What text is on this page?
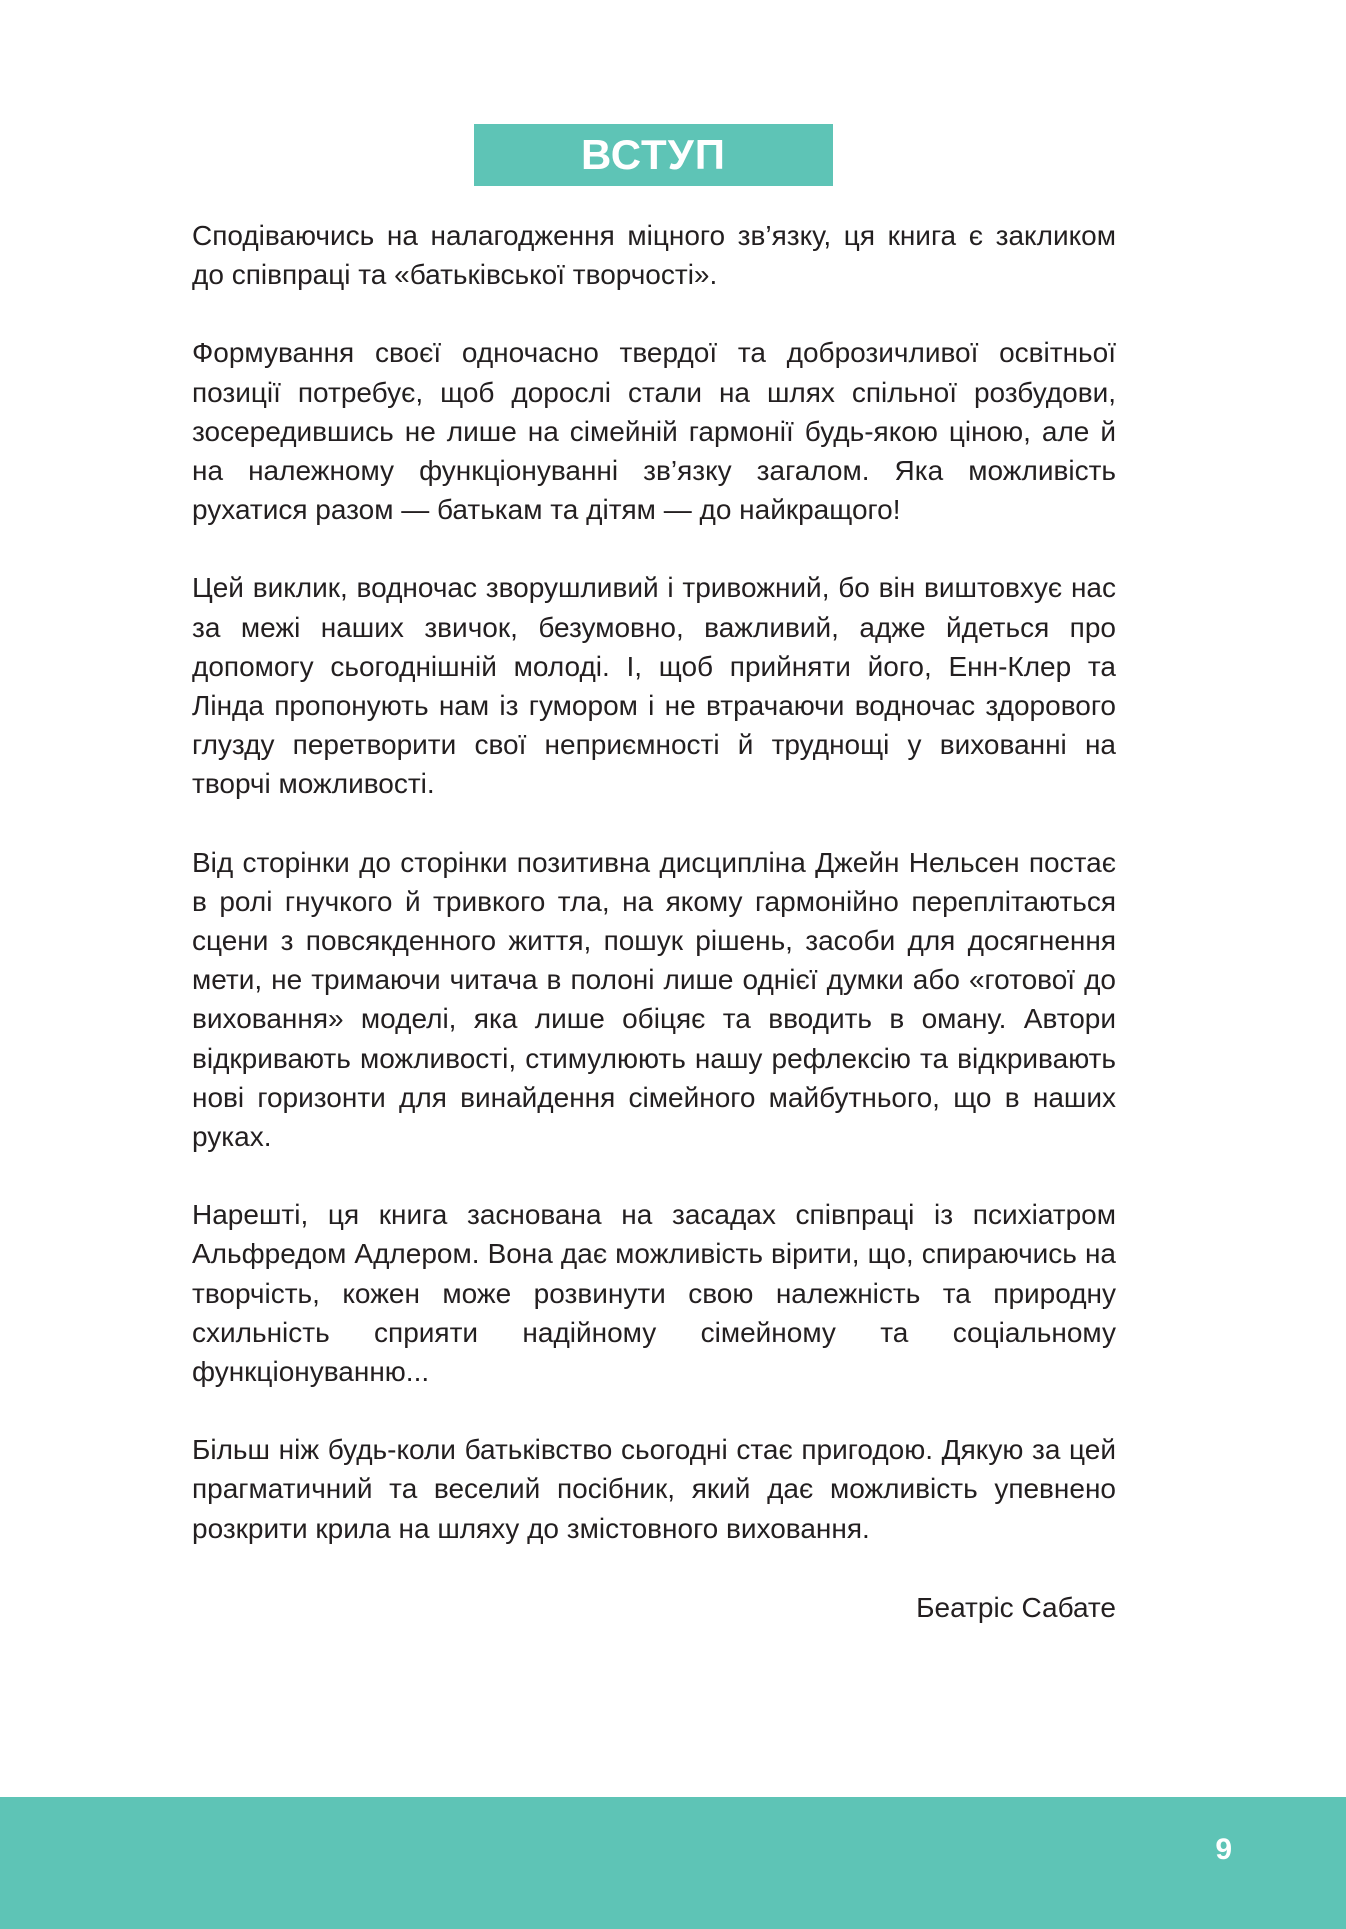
ВСТУП

Сподіваючись на налагодження міцного зв’язку, ця книга є закликом до співпраці та «батьківської творчості».

Формування своєї одночасно твердої та доброзичливої освітньої позиції потребує, щоб дорослі стали на шлях спільної розбудови, зосередившись не лише на сімейній гармонії будь-якою ціною, але й на належному функціонуванні зв’язку загалом. Яка можливість рухатися разом — батькам та дітям — до найкращого!

Цей виклик, водночас зворушливий і тривожний, бо він виштовхує нас за межі наших звичок, безумовно, важливий, адже йдеться про допомогу сьогоднішній молоді. І, щоб прийняти його, Енн-Клер та Лінда пропонують нам із гумором і не втрачаючи водночас здорового глузду перетворити свої неприємності й труднощі у вихованні на творчі можливості.

Від сторінки до сторінки позитивна дисципліна Джейн Нельсен постає в ролі гнучкого й тривкого тла, на якому гармонійно переплітаються сцени з повсякденного життя, пошук рішень, засоби для досягнення мети, не тримаючи читача в полоні лише однієї думки або «готової до виховання» моделі, яка лише обіцяє та вводить в оману. Автори відкривають можливості, стимулюють нашу рефлексію та відкривають нові горизонти для винайдення сімейного майбутнього, що в наших руках.

Нарешті, ця книга заснована на засадах співпраці із психіатром Альфредом Адлером. Вона дає можливість вірити, що, спираючись на творчість, кожен може розвинути свою належність та природну схильність сприяти надійному сімейному та соціальному функціонуванню...

Більш ніж будь-коли батьківство сьогодні стає пригодою. Дякую за цей прагматичний та веселий посібник, який дає можливість упевнено розкрити крила на шляху до змістовного виховання.

Беатріс Сабате
9
